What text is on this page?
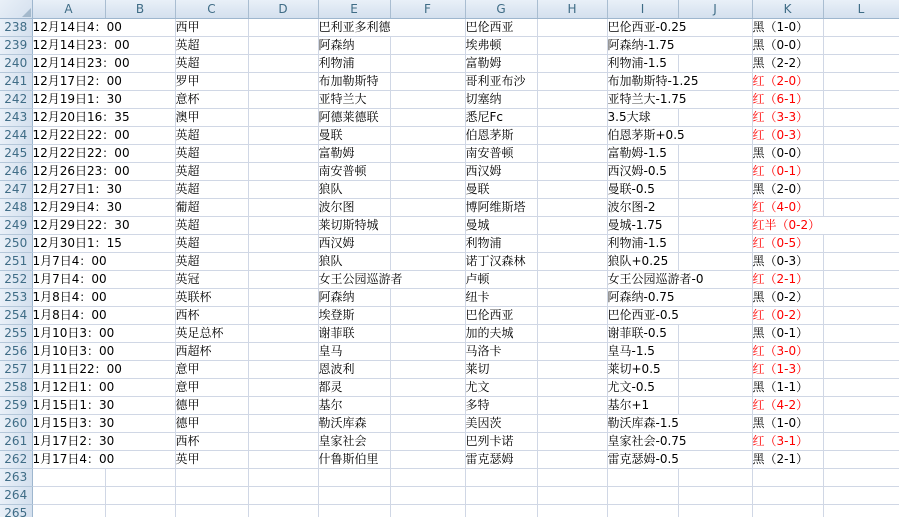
	A	B	C	D	E	F	G	H	I	J	K	L
238	12月14日4：00		西甲		巴利亚多利德		巴伦西亚		巴伦西亚-0.25		黑（1-0）	
239	12月14日23：00		英超		阿森纳		埃弗顿		阿森纳-1.75		黑（0-0）	
240	12月14日23：00		英超		利物浦		富勒姆		利物浦-1.5		黑（2-2）	
241	12月17日2：00		罗甲		布加勒斯特		哥利亚布沙		布加勒斯特-1.25		红（2-0）	
242	12月19日1：30		意杯		亚特兰大		切塞纳		亚特兰大-1.75		红（6-1）	
243	12月20日16：35		澳甲		阿德莱德联		悉尼Fc		3.5大球		红（3-3）	
244	12月22日22：00		英超		曼联		伯恩茅斯		伯恩茅斯+0.5		红（0-3）	
245	12月22日22：00		英超		富勒姆		南安普顿		富勒姆-1.5		黑（0-0）	
246	12月26日23：00		英超		南安普顿		西汉姆		西汉姆-0.5		红（0-1）	
247	12月27日1：30		英超		狼队		曼联		曼联-0.5		黑（2-0）	
248	12月29日4：30		葡超		波尔图		博阿维斯塔		波尔图-2		红（4-0）	
249	12月29日22：30		英超		莱切斯特城		曼城		曼城-1.75		红半（0-2）	
250	12月30日1：15		英超		西汉姆		利物浦		利物浦-1.5		红（0-5）	
251	1月7日4：00		英超		狼队		诺丁汉森林		狼队+0.25		黑（0-3）	
252	1月7日4：00		英冠		女王公园巡游者		卢顿		女王公园巡游者-0		红（2-1）	
253	1月8日4：00		英联杯		阿森纳		纽卡		阿森纳-0.75		黑（0-2）	
254	1月8日4：00		西杯		埃登斯		巴伦西亚		巴伦西亚-0.5		红（0-2）	
255	1月10日3：00		英足总杯		谢菲联		加的夫城		谢菲联-0.5		黑（0-1）	
256	1月10日3：00		西超杯		皇马		马洛卡		皇马-1.5		红（3-0）	
257	1月11日22：00		意甲		恩波利		莱切		莱切+0.5		红（1-3）	
258	1月12日1：00		意甲		都灵		尤文		尤文-0.5		黑（1-1）	
259	1月15日1：30		德甲		基尔		多特		基尔+1		红（4-2）	
260	1月15日3：30		德甲		勒沃库森		美因茨		勒沃库森-1.5		黑（1-0）	
261	1月17日2：30		西杯		皇家社会		巴列卡诺		皇家社会-0.75		红（3-1）	
262	1月17日4：00		英甲		什鲁斯伯里		雷克瑟姆		雷克瑟姆-0.5		黑（2-1）	
263												
264												
265												
